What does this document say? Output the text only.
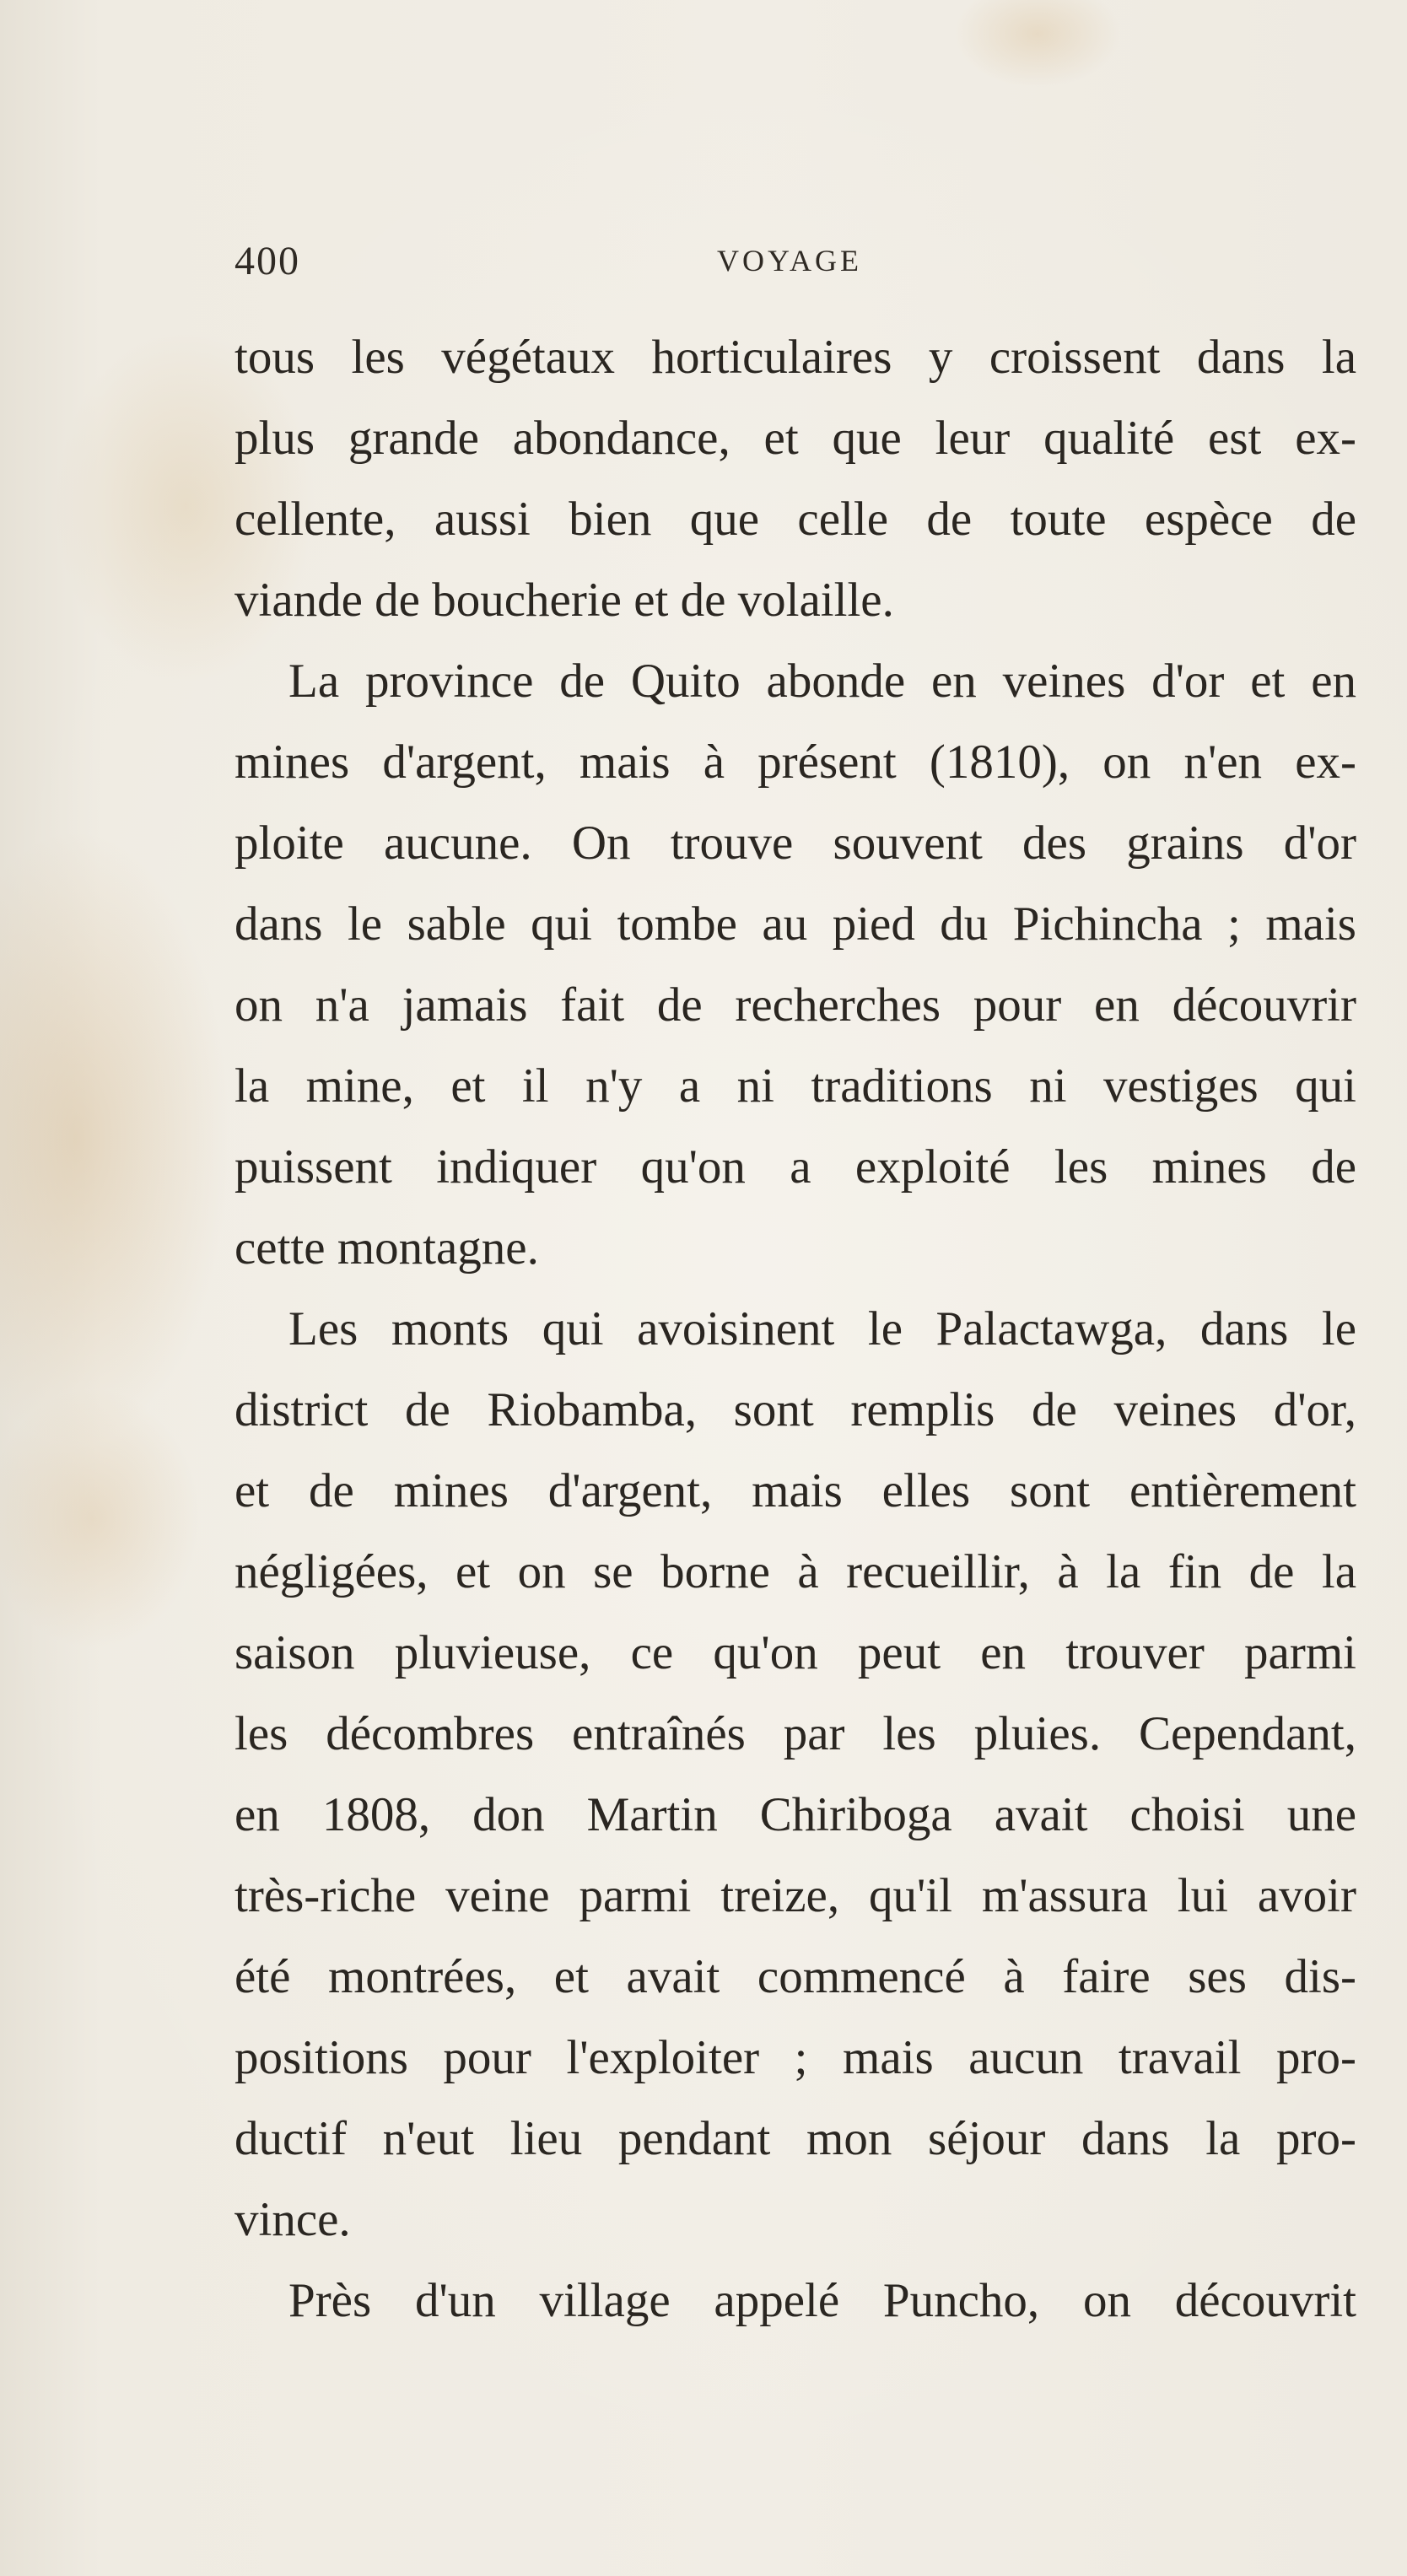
400	VOYAGE
tous les végétaux horticulaires y croissent dans la
plus grande abondance, et que leur qualité est ex-
cellente, aussi bien que celle de toute espèce de
viande de boucherie et de volaille.
La province de Quito abonde en veines d'or et en
mines d'argent, mais à présent (1810), on n'en ex-
ploite aucune. On trouve souvent des grains d'or
dans le sable qui tombe au pied du Pichincha ; mais
on n'a jamais fait de recherches pour en découvrir
la mine, et il n'y a ni traditions ni vestiges qui
puissent indiquer qu'on a exploité les mines de
cette montagne.
Les monts qui avoisinent le Palactawga, dans le
district de Riobamba, sont remplis de veines d'or,
et de mines d'argent, mais elles sont entièrement
négligées, et on se borne à recueillir, à la fin de la
saison pluvieuse, ce qu'on peut en trouver parmi
les décombres entraînés par les pluies. Cependant,
en 1808, don Martin Chiriboga avait choisi une
très-riche veine parmi treize, qu'il m'assura lui avoir
été montrées, et avait commencé à faire ses dis-
positions pour l'exploiter ; mais aucun travail pro-
ductif n'eut lieu pendant mon séjour dans la pro-
vince.
Près d'un village appelé Puncho, on découvrit
